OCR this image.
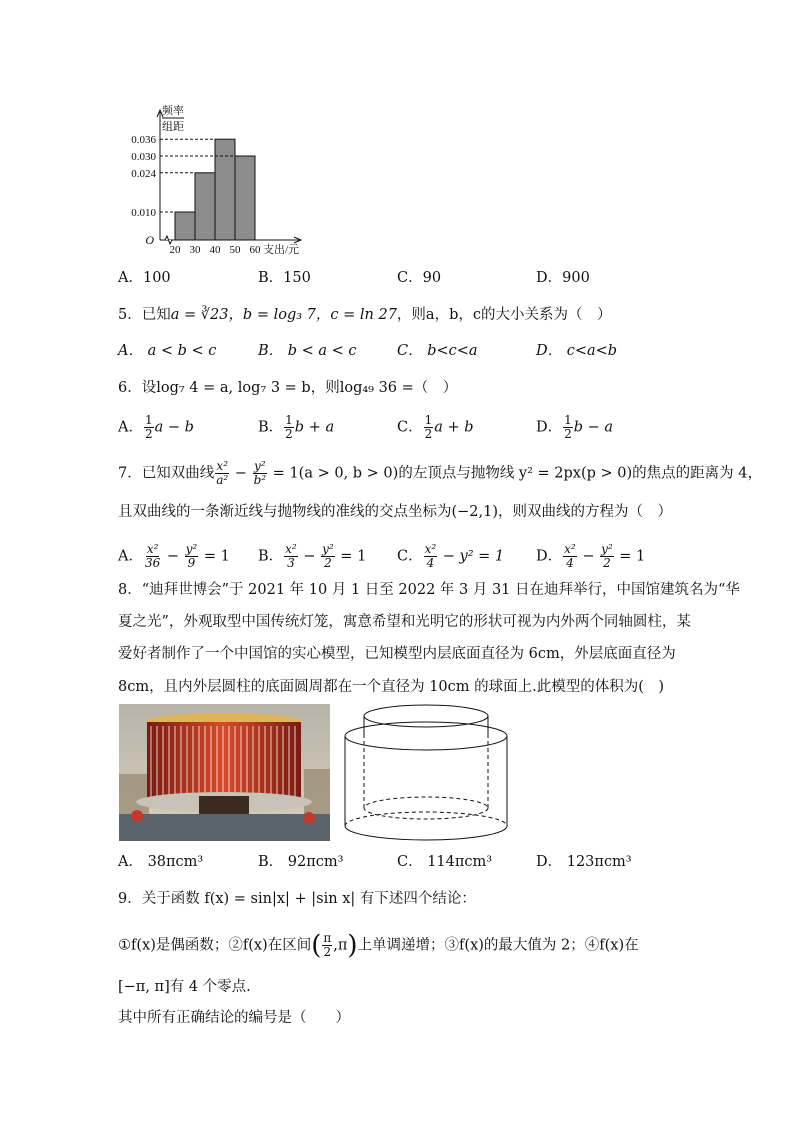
O
频率
组距
0.036
0.030
0.024
0.010
20 30 40 50 60 支出/元
A．100	B．150	C．90	D．900
5．已知a = ∛23，b = log₃ 7，c = ln 27，则a，b，c的大小关系为（　）
A． a < b < c	B． b < a < c	C． b<c<a	D． c<a<b
6．设log₇ 4 = a, log₇ 3 = b，则log₄₉ 36 =（　）
A． $\frac{1}{2}$ a − b	B． $\frac{1}{2}$ b + a	C． $\frac{1}{2}$ a + b	D． $\frac{1}{2}$ b − a
7．已知双曲线 $\frac{\text{x²}}{\text{a²}} - \frac{\text{y²}}{\text{b²}} = 1(a > 0$, b > 0)的左顶点与抛物线 y² = 2px(p > 0)的焦点的距离为 4，
且双曲线的一条渐近线与抛物线的准线的交点坐标为(−2,1)，则双曲线的方程为（　）
A． $\frac{\text{x²}}{36} - \frac{\text{y²}}{9} = 1$ B． $\frac{\text{x²}}{3} - \frac{\text{y²}}{2} = 1$ C． $\frac{\text{x²}}{4} - y^2 = 1$ D． $\frac{\text{x²}}{4} - \frac{\text{y²}}{2} = 1$
8．“迪拜世博会”于 2021 年 10 月 1 日至 2022 年 3 月 31 日在迪拜举行，中国馆建筑名为“华
夏之光”，外观取型中国传统灯笼，寓意希望和光明它的形状可视为内外两个同轴圆柱，某
爱好者制作了一个中国馆的实心模型，已知模型内层底面直径为 6cm，外层底面直径为
8cm，且内外层圆柱的底面圆周都在一个直径为 10cm 的球面上.此模型的体积为(　)
A． 38πcm³	B． 92πcm³	C． 114πcm³	D． 123πcm³
9．关于函数 f(x) = sin|x| + |sin x| 有下述四个结论：
①f(x)是偶函数；②f(x)在区间( $\frac{\pi}{2} ,\pi$)上单调递增；③f(x)的最大值为 2；④f(x)在
[−π, π]有 4 个零点.
其中所有正确结论的编号是（　　）
